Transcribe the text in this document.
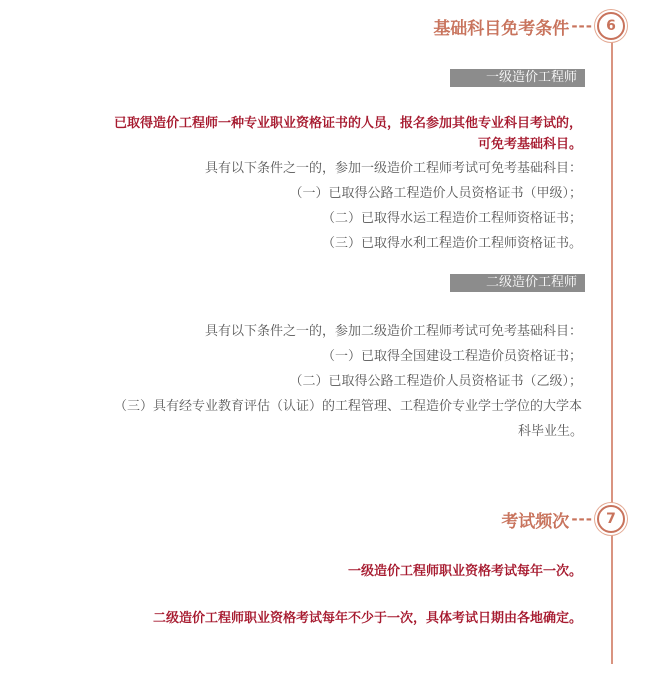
基础科目免考条件 --- 6
一级造价工程师
已取得造价工程师一种专业职业资格证书的人员，报名参加其他专业科目考试的，
可免考基础科目。
具有以下条件之一的，参加一级造价工程师考试可免考基础科目：
（一）已取得公路工程造价人员资格证书（甲级）；
（二）已取得水运工程造价工程师资格证书；
（三）已取得水利工程造价工程师资格证书。
二级造价工程师
具有以下条件之一的，参加二级造价工程师考试可免考基础科目：
（一）已取得全国建设工程造价员资格证书；
（二）已取得公路工程造价人员资格证书（乙级）；
（三）具有经专业教育评估（认证）的工程管理、工程造价专业学士学位的大学本
科毕业生。
考试频次 --- 7
一级造价工程师职业资格考试每年一次。
二级造价工程师职业资格考试每年不少于一次，具体考试日期由各地确定。
